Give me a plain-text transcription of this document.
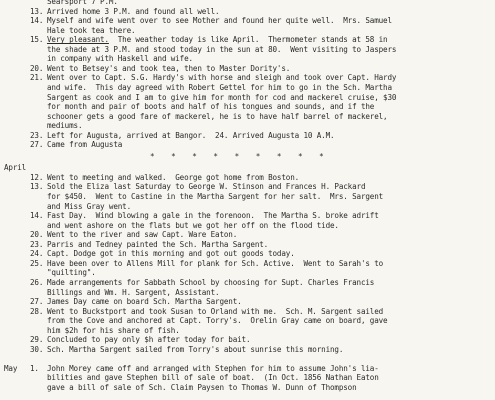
Searsport 7 P.M.
13. Arrived home 3 P.M. and found all well.
14. Myself and wife went over to see Mother and found her quite well.  Mrs. Samuel
Hale took tea there.
15. Very pleasant.  The weather today is like April.  Thermometer stands at 58 in
the shade at 3 P.M. and stood today in the sun at 80.  Went visiting to Jaspers
in company with Haskell and wife.
20. Went to Betsey's and took tea, then to Master Dority's.
21. Went over to Capt. S.G. Hardy's with horse and sleigh and took over Capt. Hardy
and wife.  This day agreed with Robert Gettel for him to go in the Sch. Martha
Sargent as cook and I am to give him for month for cod and mackerel cruise, $30
for month and pair of boots and half of his tongues and sounds, and if the
schooner gets a good fare of mackerel, he is to have half barrel of mackerel,
mediums.
23. Left for Augusta, arrived at Bangor.  24. Arrived Augusta 10 A.M.
27. Came from Augusta
* * * * * * * * *
April
12. Went to meeting and walked.  George got home from Boston.
13. Sold the Eliza last Saturday to George W. Stinson and Frances H. Packard
for $450.  Went to Castine in the Martha Sargent for her salt.  Mrs. Sargent
and Miss Gray went.
14. Fast Day.  Wind blowing a gale in the forenoon.  The Martha S. broke adrift
and went ashore on the flats but we got her off on the flood tide.
20. Went to the river and saw Capt. Ware Eaton.
23. Parris and Tedney painted the Sch. Martha Sargent.
24. Capt. Dodge got in this morning and got out goods today.
25. Have been over to Allens Mill for plank for Sch. Active.  Went to Sarah's to
"quilting".
26. Made arrangements for Sabbath School by choosing for Supt. Charles Francis
Billings and Wm. H. Sargent, Assistant.
27. James Day came on board Sch. Martha Sargent.
28. Went to Buckstport and took Susan to Orland with me.  Sch. M. Sargent sailed
from the Cove and anchored at Capt. Torry's.  Orelin Gray came on board, gave
him $2h for his share of fish.
29. Concluded to pay only $h after today for bait.
30. Sch. Martha Sargent sailed from Torry's about sunrise this morning.
May 1. John Morey came off and arranged with Stephen for him to assume John's lia-
bilities and gave Stephen bill of sale of boat.  (In Oct. 1856 Nathan Eaton
gave a bill of sale of Sch. Claim Paysen to Thomas W. Dunn of Thompson
